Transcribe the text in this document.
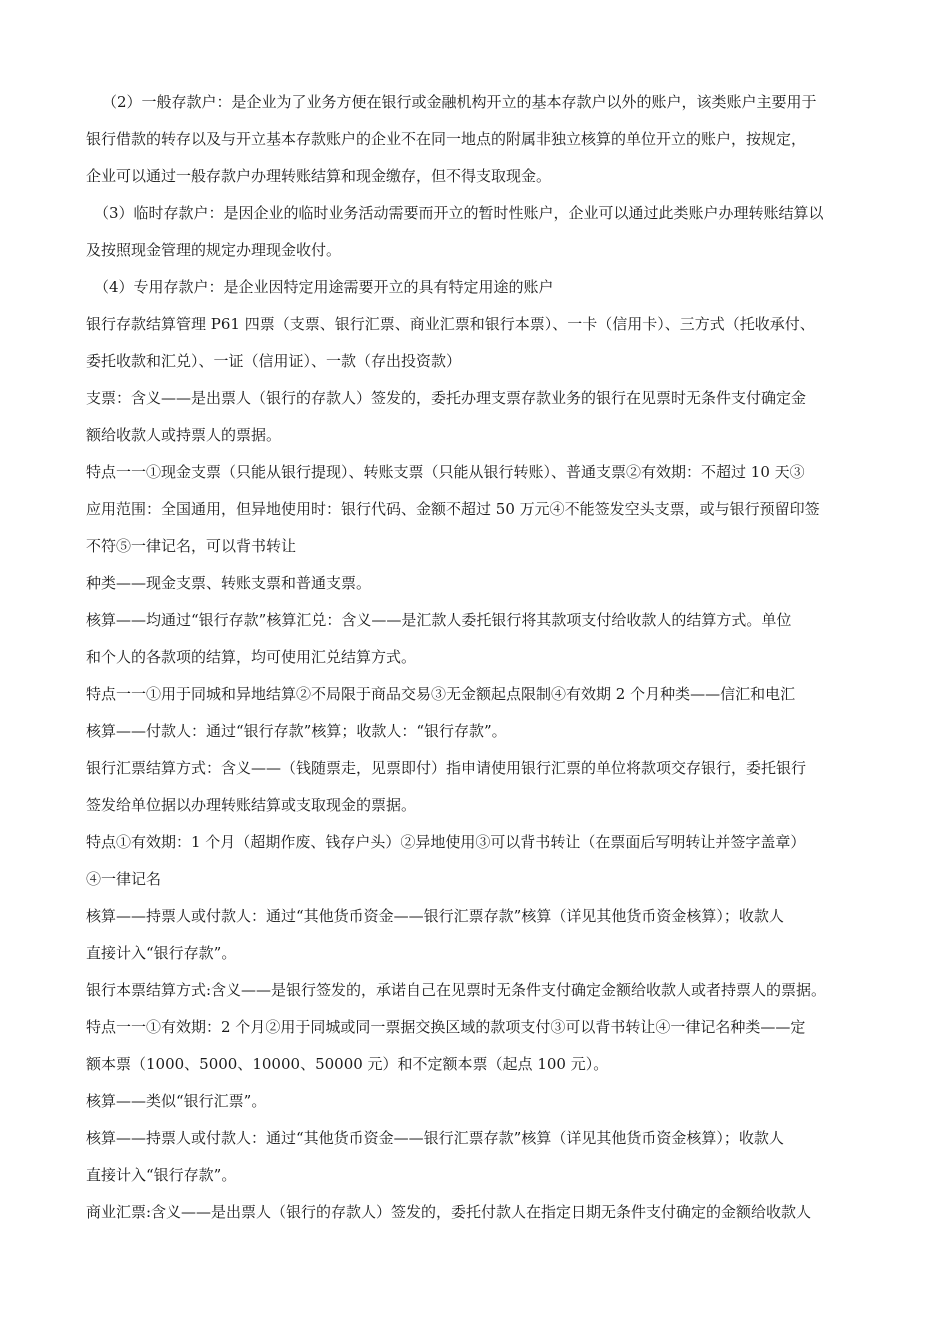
（2）一般存款户：是企业为了业务方便在银行或金融机构开立的基本存款户以外的账户，该类账户主要用于
银行借款的转存以及与开立基本存款账户的企业不在同一地点的附属非独立核算的单位开立的账户，按规定，
企业可以通过一般存款户办理转账结算和现金缴存，但不得支取现金。
（3）临时存款户：是因企业的临时业务活动需要而开立的暂时性账户，企业可以通过此类账户办理转账结算以
及按照现金管理的规定办理现金收付。
（4）专用存款户：是企业因特定用途需要开立的具有特定用途的账户
银行存款结算管理 P61 四票（支票、银行汇票、商业汇票和银行本票）、一卡（信用卡）、三方式（托收承付、
委托收款和汇兑）、一证（信用证）、一款（存出投资款）
支票：含义——是出票人（银行的存款人）签发的，委托办理支票存款业务的银行在见票时无条件支付确定金
额给收款人或持票人的票据。
特点一一①现金支票（只能从银行提现）、转账支票（只能从银行转账）、普通支票②有效期：不超过 10 天③
应用范围：全国通用，但异地使用时：银行代码、金额不超过 50 万元④不能签发空头支票，或与银行预留印签
不符⑤一律记名，可以背书转让
种类——现金支票、转账支票和普通支票。
核算——均通过“银行存款”核算汇兑：含义——是汇款人委托银行将其款项支付给收款人的结算方式。单位
和个人的各款项的结算，均可使用汇兑结算方式。
特点一一①用于同城和异地结算②不局限于商品交易③无金额起点限制④有效期 2 个月种类——信汇和电汇
核算——付款人：通过“银行存款”核算；收款人：“银行存款”。
银行汇票结算方式：含义——（钱随票走，见票即付）指申请使用银行汇票的单位将款项交存银行，委托银行
签发给单位据以办理转账结算或支取现金的票据。
特点①有效期：1 个月（超期作废、钱存户头）②异地使用③可以背书转让（在票面后写明转让并签字盖章）
④一律记名
核算——持票人或付款人：通过“其他货币资金——银行汇票存款”核算（详见其他货币资金核算）；收款人
直接计入“银行存款”。
银行本票结算方式:含义——是银行签发的，承诺自己在见票时无条件支付确定金额给收款人或者持票人的票据。
特点一一①有效期：2 个月②用于同城或同一票据交换区域的款项支付③可以背书转让④一律记名种类——定
额本票（1000、5000、10000、50000 元）和不定额本票（起点 100 元）。
核算——类似“银行汇票”。
核算——持票人或付款人：通过“其他货币资金——银行汇票存款”核算（详见其他货币资金核算）；收款人
直接计入“银行存款”。
商业汇票:含义——是出票人（银行的存款人）签发的，委托付款人在指定日期无条件支付确定的金额给收款人
